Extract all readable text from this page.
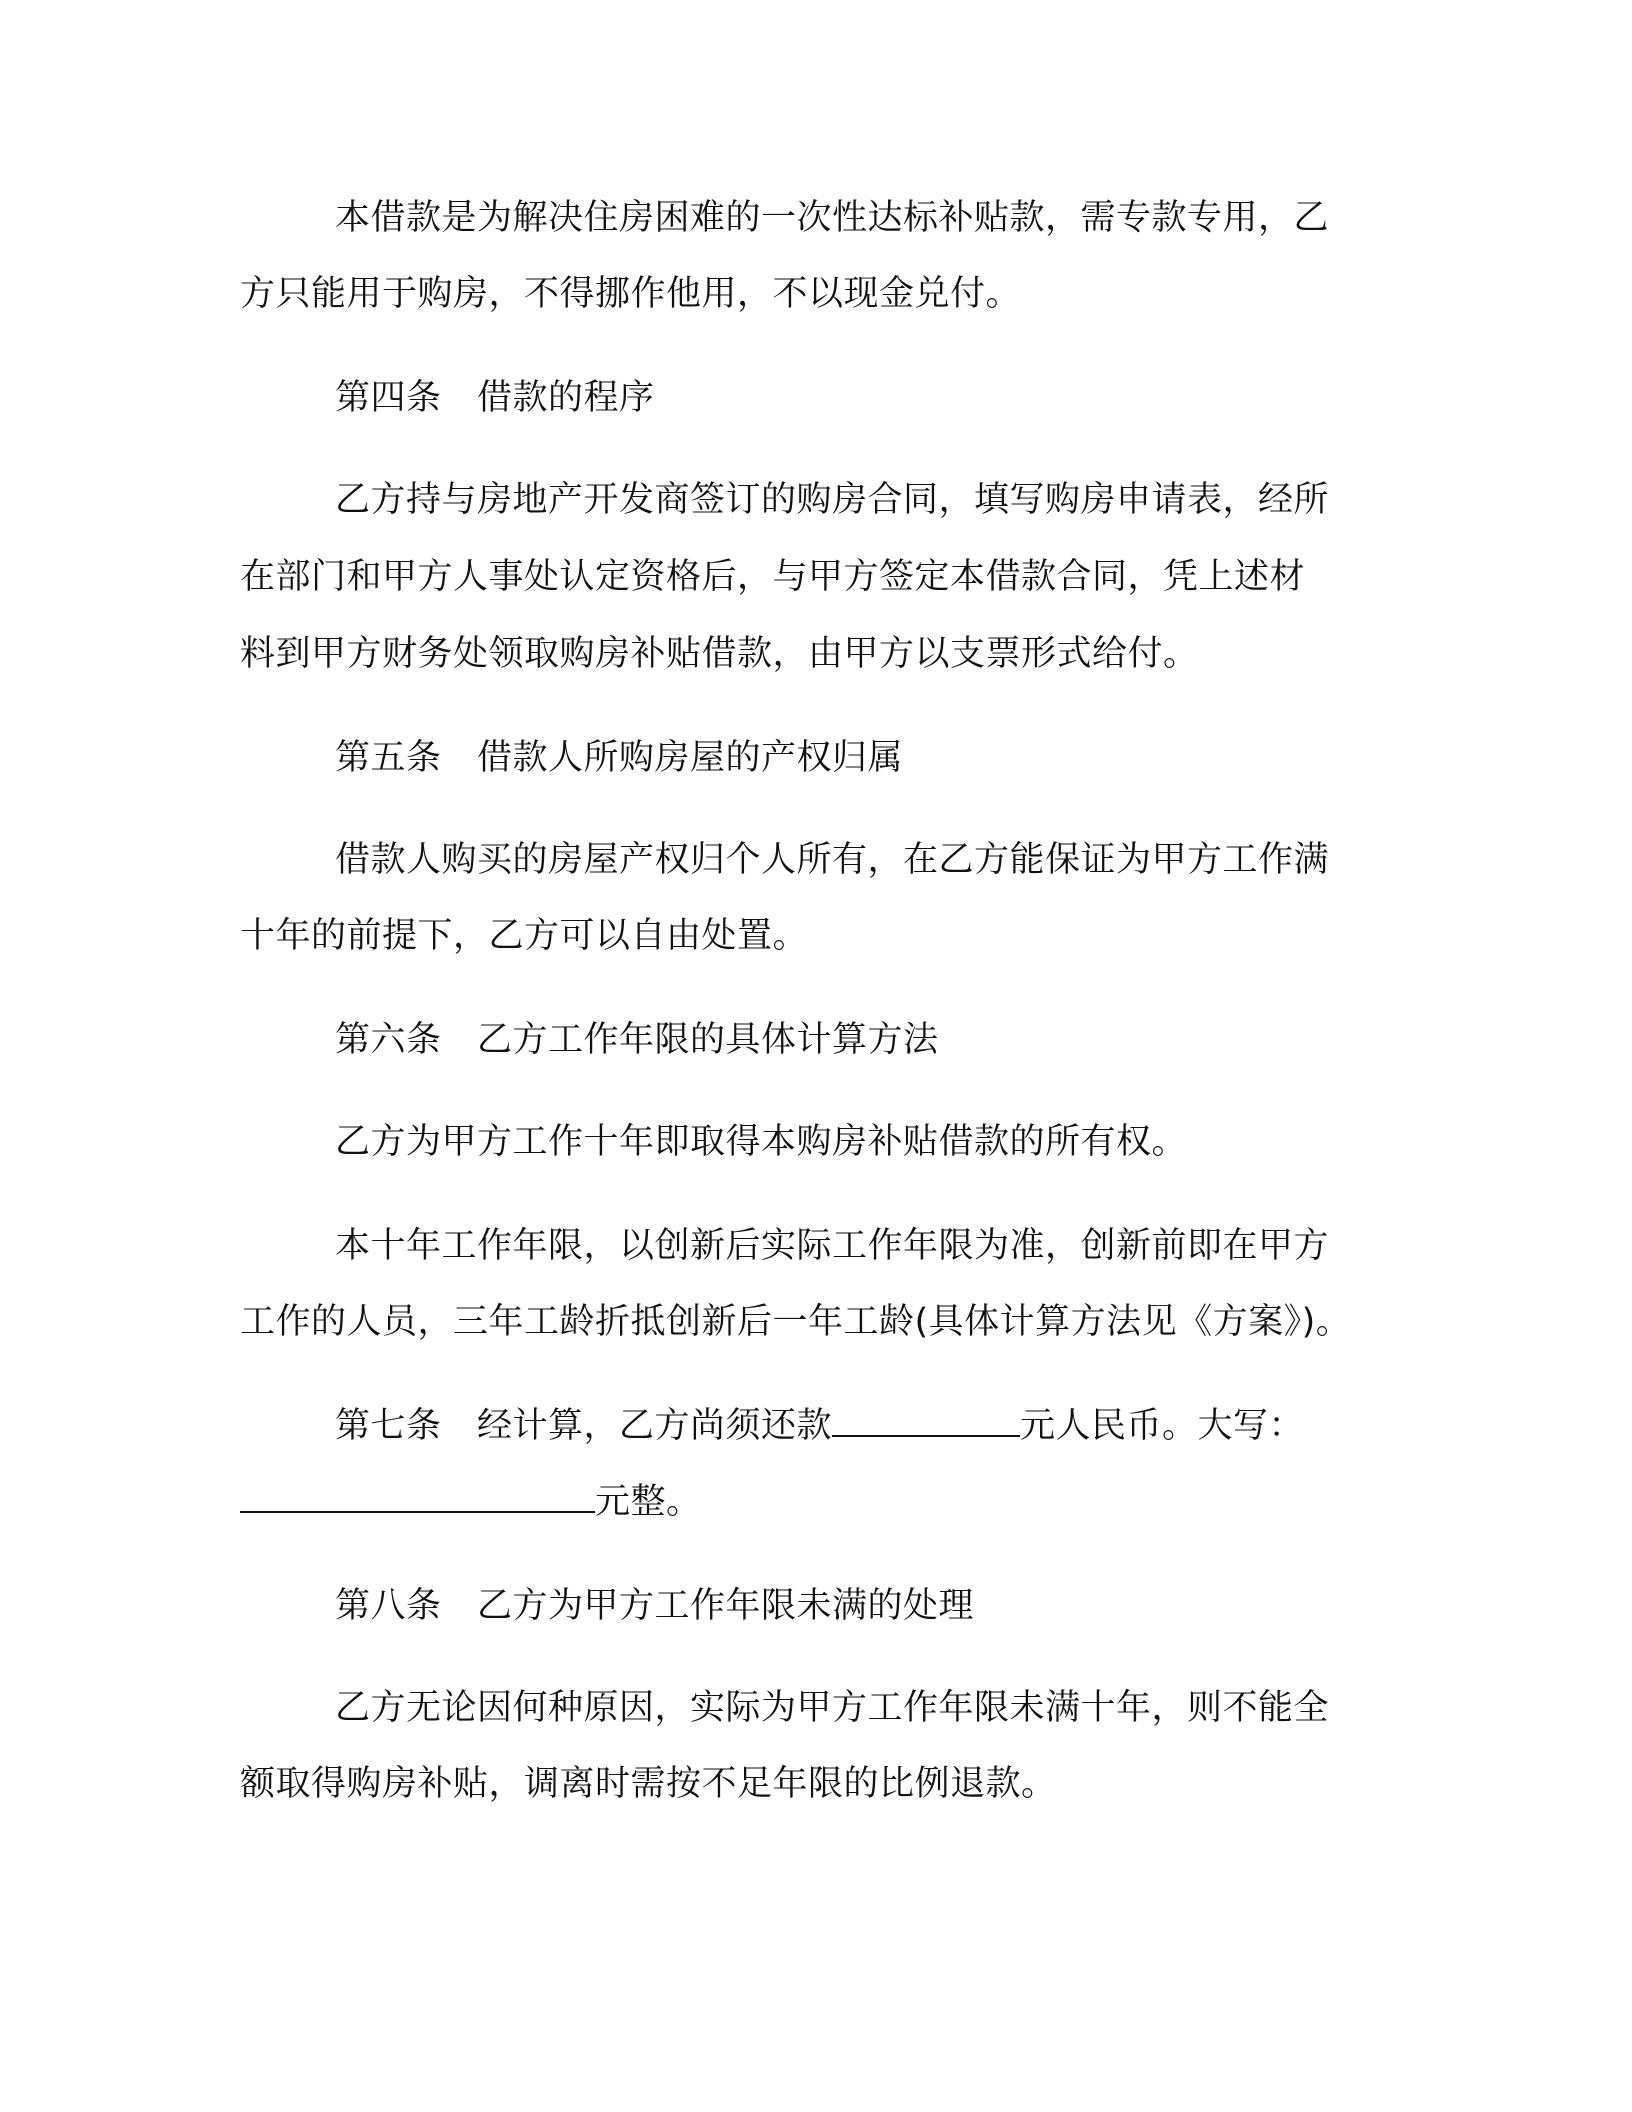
本借款是为解决住房困难的一次性达标补贴款，需专款专用，乙
方只能用于购房，不得挪作他用，不以现金兑付。
第四条　借款的程序
乙方持与房地产开发商签订的购房合同，填写购房申请表，经所
在部门和甲方人事处认定资格后，与甲方签定本借款合同，凭上述材
料到甲方财务处领取购房补贴借款，由甲方以支票形式给付。
第五条　借款人所购房屋的产权归属
借款人购买的房屋产权归个人所有，在乙方能保证为甲方工作满
十年的前提下，乙方可以自由处置。
第六条　乙方工作年限的具体计算方法
乙方为甲方工作十年即取得本购房补贴借款的所有权。
本十年工作年限，以创新后实际工作年限为准，创新前即在甲方
工作的人员，三年工龄折抵创新后一年工龄(具体计算方法见《方案》)。
第七条　经计算，乙方尚须还款	元人民币。大写：
元整。
第八条　乙方为甲方工作年限未满的处理
乙方无论因何种原因，实际为甲方工作年限未满十年，则不能全
额取得购房补贴，调离时需按不足年限的比例退款。
